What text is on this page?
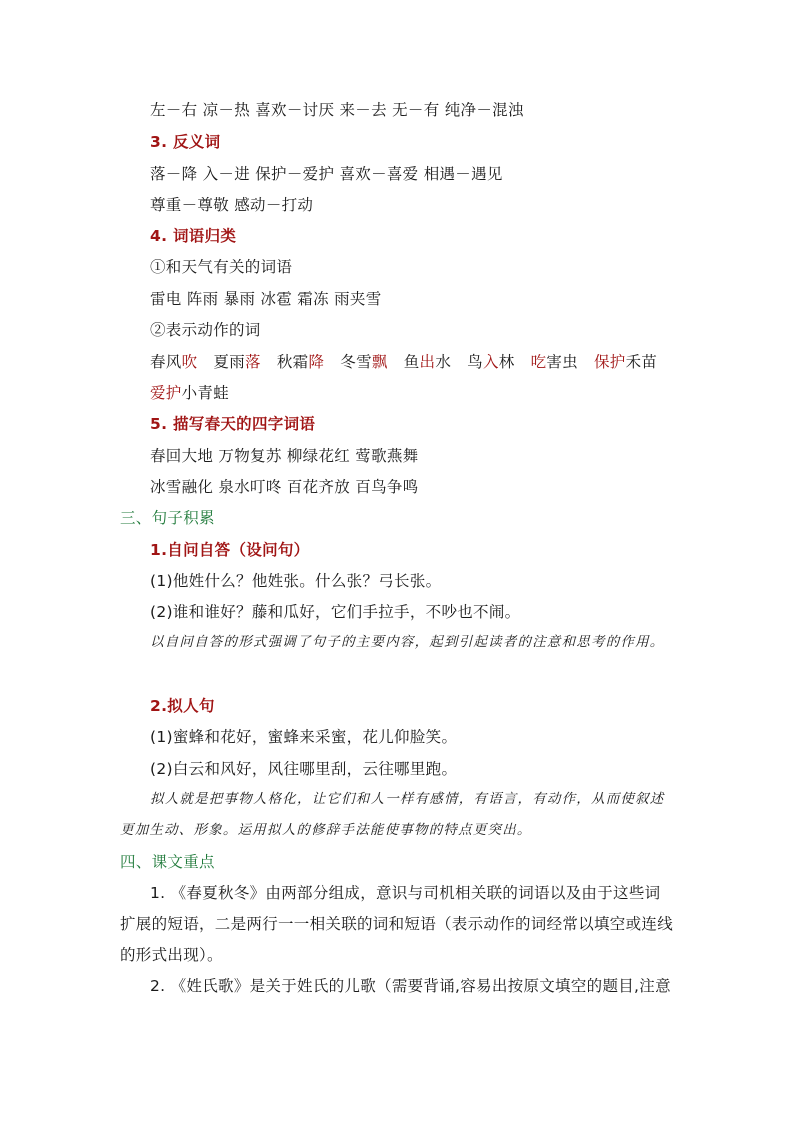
左－右 凉－热 喜欢－讨厌 来－去 无－有 纯净－混浊
3. 反义词
落－降 入－进 保护－爱护 喜欢－喜爱 相遇－遇见
尊重－尊敬 感动－打动
4. 词语归类
①和天气有关的词语
雷电 阵雨 暴雨 冰雹 霜冻 雨夹雪
②表示动作的词
春风吹 夏雨落 秋霜降 冬雪飘 鱼出水 鸟入林 吃害虫 保护禾苗
爱护小青蛙
5. 描写春天的四字词语
春回大地 万物复苏 柳绿花红 莺歌燕舞
冰雪融化 泉水叮咚 百花齐放 百鸟争鸣
三、句子积累
1.自问自答（设问句）
(1)他姓什么？他姓张。什么张？弓长张。
(2)谁和谁好？藤和瓜好，它们手拉手，不吵也不闹。
以自问自答的形式强调了句子的主要内容，起到引起读者的注意和思考的作用。
2.拟人句
(1)蜜蜂和花好，蜜蜂来采蜜，花儿仰脸笑。
(2)白云和风好，风往哪里刮，云往哪里跑。
拟人就是把事物人格化，让它们和人一样有感情，有语言，有动作，从而使叙述更加生动、形象。运用拟人的修辞手法能使事物的特点更突出。
四、课文重点
1. 《春夏秋冬》由两部分组成，意识与司机相关联的词语以及由于这些词扩展的短语，二是两行一一相关联的词和短语（表示动作的词经常以填空或连线的形式出现）。
2. 《姓氏歌》是关于姓氏的儿歌（需要背诵,容易出按原文填空的题目,注意
